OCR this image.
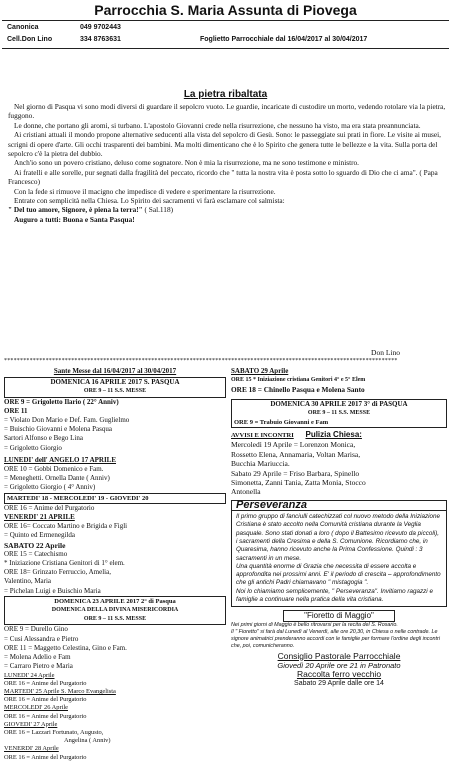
Parrocchia S. Maria Assunta di Piovega
Canonica	049 9702443
Cell.Don Lino	334 8763631	Foglietto Parrocchiale dal 16/04/2017 al 30/04/2017
La pietra ribaltata

Nel giorno di Pasqua vi sono modi diversi di guardare il sepolcro vuoto. Le guardie, incaricate di custodire un morto, vedendo rotolare via la pietra, fuggono.

Le donne, che portano gli aromi, si turbano. L'apostolo Giovanni crede nella risurrezione, che nessuno ha visto, ma era stata preannunciata.

Ai cristiani attuali il mondo propone alternative seducenti alla vista del sepolcro di Gesù. Sono: le passeggiate sui prati in fiore. Le visite ai musei, scrigni di opere d'arte. Gli occhi trasparenti dei bambini. Ma molti dimenticano che è lo Spirito che genera tutte le bellezze e la vita. Sulla porta del sepolcro c'è la pietra del dubbio.

Anch'io sono un povero cristiano, deluso come sognatore. Non è mia la risurrezione, ma ne sono testimone e ministro.

Ai fratelli e alle sorelle, pur segnati dalla fragilità del peccato, ricordo che " tutta la nostra vita è posta sotto lo sguardo di Dio che ci ama". ( Papa Francesco)

Con la fede si rimuove il macigno che impedisce di vedere e sperimentare la risurrezione.

Entrate con semplicità nella Chiesa. Lo Spirito dei sacramenti vi farà esclamare col salmista:

" Del tuo amore, Signore, è piena la terra!" ( Sal.118)

Auguro a tutti: Buona e Santa Pasqua!

Don Lino
***************************************************************************************************************************
Sante Messe dal 16/04/2017 al 30/04/2017
DOMENICA 16 APRILE 2017 S. PASQUA
ORE 9 – 11 S.S. MESSE
ORE 9 = Grigoletto Ilario ( 22° Anniv)
ORE 11
= Violato Don Mario e Def. Fam. Guglielmo
= Buischio Giovanni e Molena Pasqua
Sartori Alfonso e Bego Lina
= Grigoletto Giorgio
LUNEDI' dell' ANGELO 17 APRILE
ORE 10 = Gobbi Domenico e Fam.
= Meneghetti. Ornella Dante ( Anniv)
= Grigoletto Giorgio ( 4° Anniv)
MARTEDI' 18 - MERCOLEDI' 19 - GIOVEDI' 20
ORE 16 = Anime del Purgatorio
VENERDI' 21 APRILE
ORE 16= Coccato Martino e Brigida e Figli
= Quinto ed Ermenegilda
SABATO 22 Aprile
ORE 15 = Catechismo
* Iniziazione Cristiana Genitori di 1° elem.
ORE 18= Grinzato Ferruccio, Amelia,
Valentino, Maria
= Pichelan Luigi e Buischio Maria
DOMENICA 23 APRILE 2017 2° di Pasqua
DOMENICA DELLA DIVINA MISERICORDIA
ORE 9 – 11 S.S. MESSE
ORE 9 = Durello Gino
= Cusi Alessandra e Pietro
ORE 11 = Maggetto Celestina, Gino e Fam.
= Molena Adelio e Fam
= Carraro Pietro e Maria
LUNEDI' 24 Aprile
ORE 16 = Anime del Purgatorio
MARTEDI' 25 Aprile S. Marco Evangelista
ORE 16 = Anime del Purgatorio
MERCOLEDI' 26 Aprile
ORE 16 = Anime del Purgatorio
GIOVEDI' 27 Aprile
ORE 16 = Lazzari Fortunato, Augusto,
Angelina ( Anniv)
VENERDI' 28 Aprile
ORE 16 = Anime del Purgatorio
SABATO 29 Aprile
ORE 15 * Iniziazione cristiana Genitori 4° e 5° Elem
ORE 18 = Chinello Pasqua e Molena Santo
DOMENICA 30 APRILE 2017 3° di PASQUA
ORE 9 – 11 S.S. MESSE
ORE 9 = Trabuio Giovanni e Fam
AVVISI E INCONTRI Pulizia Chiesa:
Mercoledì 19 Aprile = Lorenzon Monica,
Rossetto Elena, Annamaria, Voltan Marisa,
Bucchia Mariuccia.
Sabato 29 Aprile = Friso Barbara, Spinello
Simonetta, Zanni Tania, Zatta Monia, Stocco
Antonella
Perseveranza
Il primo gruppo di fanciulli catechizzati col nuovo metodo della Iniziazione Cristiana è stato accolto nella Comunità cristiana durante la Veglia pasquale. Sono stati donati a loro ( dopo il Battesimo ricevuto da piccoli), i sacramenti della Cresima e della S. Comunione. Ricordiamo che, in Quaresima, hanno ricevuto anche la Prima Confessione. Quindi : 3 sacramenti in un mese.
Una quantità enorme di Grazia che necessita di essere accolta e approfondita nei prossimi anni. E' il periodo di crescita – approfondimento che gli antichi Padri chiamavano " mistagogia ".
Noi lo chiamiamo semplicemente, " Perseveranza". Invitiamo ragazzi e famiglie a continuare nella pratica della vita cristiana.
"Fioretto di Maggio"
Nei primi giorni di Maggio è bello ritrovarsi per la recita del S. Rosario.
Il " Fioretto" si farà dal Lunedì al Venerdì, alle ore 20,30, in Chiesa o nelle contrade. Le signore animatrici prenderanno accordi con le famiglie per formare l'ordine degli incontri che, poi, comunicheranno.
Consiglio Pastorale Parrocchiale
Giovedì 20 Aprile ore 21 in Patronato
Raccolta ferro vecchio
Sabato 29 Aprile dalle ore 14
